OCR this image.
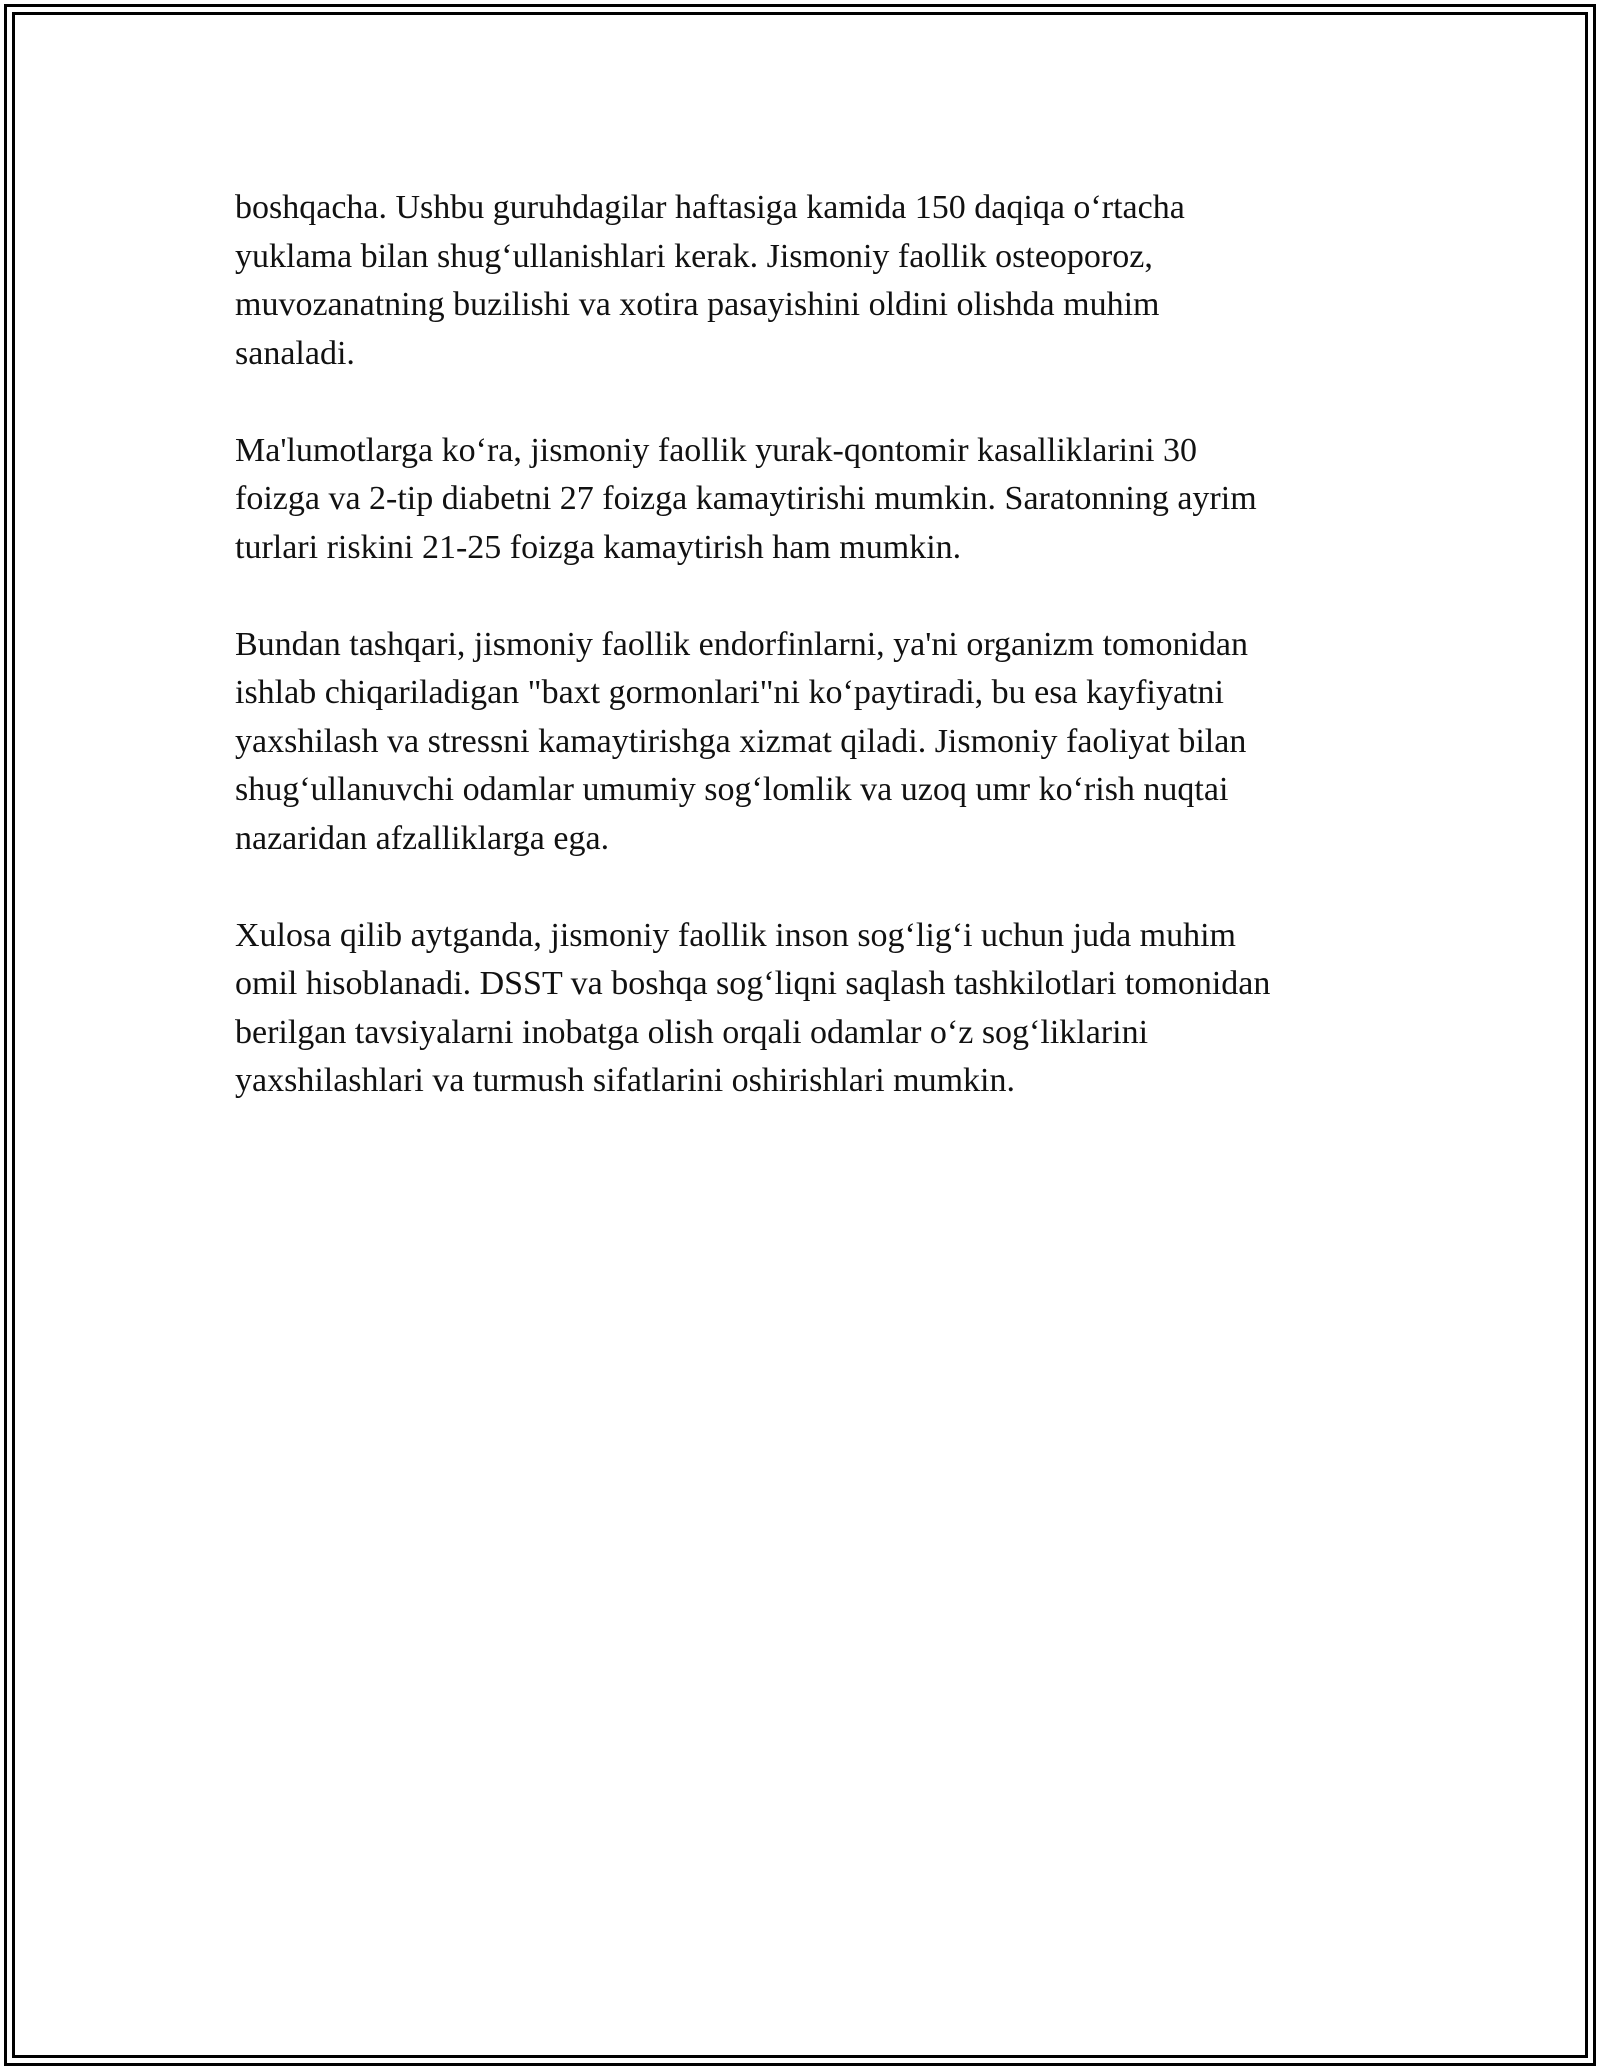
boshqacha. Ushbu guruhdagilar haftasiga kamida 150 daqiqa o‘rtacha
yuklama bilan shug‘ullanishlari kerak. Jismoniy faollik osteoporoz,
muvozanatning buzilishi va xotira pasayishini oldini olishda muhim
sanaladi.

Ma'lumotlarga ko‘ra, jismoniy faollik yurak-qontomir kasalliklarini 30
foizga va 2-tip diabetni 27 foizga kamaytirishi mumkin. Saratonning ayrim
turlari riskini 21-25 foizga kamaytirish ham mumkin.

Bundan tashqari, jismoniy faollik endorfinlarni, ya'ni organizm tomonidan
ishlab chiqariladigan "baxt gormonlari"ni ko‘paytiradi, bu esa kayfiyatni
yaxshilash va stressni kamaytirishga xizmat qiladi. Jismoniy faoliyat bilan
shug‘ullanuvchi odamlar umumiy sog‘lomlik va uzoq umr ko‘rish nuqtai
nazaridan afzalliklarga ega.

Xulosa qilib aytganda, jismoniy faollik inson sog‘lig‘i uchun juda muhim
omil hisoblanadi. DSST va boshqa sog‘liqni saqlash tashkilotlari tomonidan
berilgan tavsiyalarni inobatga olish orqali odamlar o‘z sog‘liklarini
yaxshilashlari va turmush sifatlarini oshirishlari mumkin.
